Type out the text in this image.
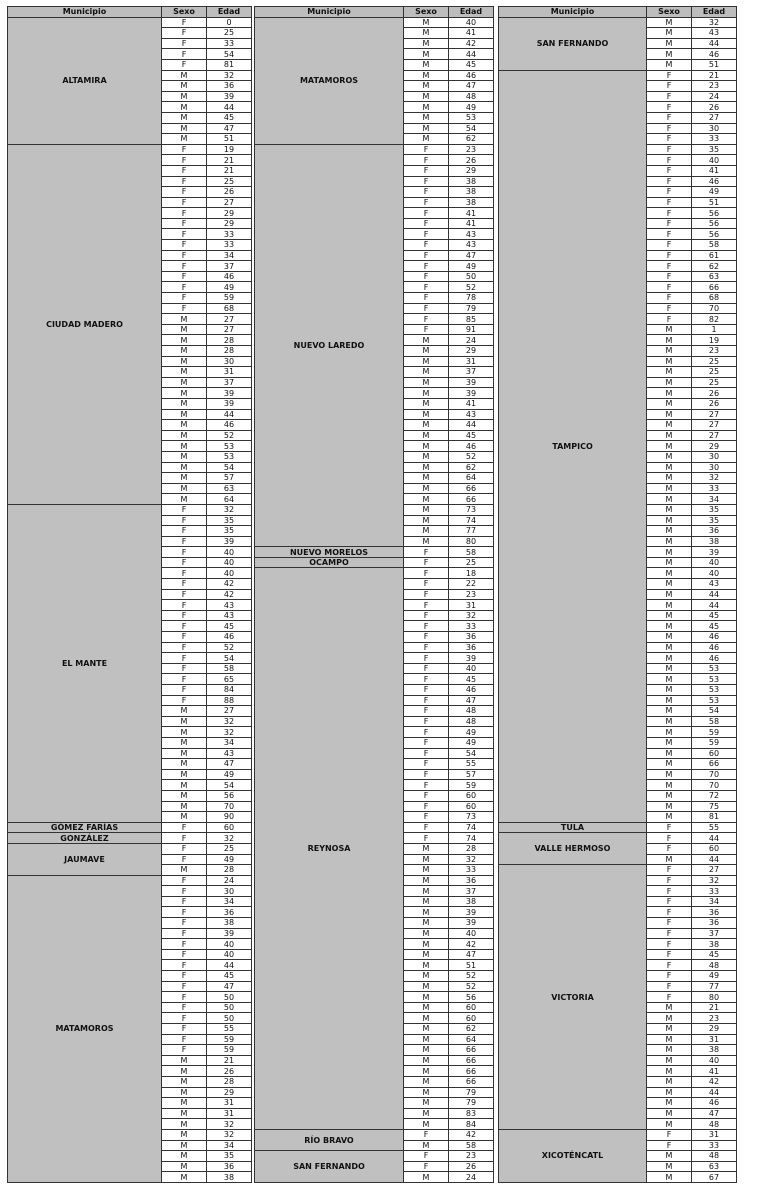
Municipio	Sexo	Edad
ALTAMIRA	F	0
	F	25
	F	33
	F	54
	F	81
	M	32
	M	36
	M	39
	M	44
	M	45
	M	47
	M	51
CIUDAD MADERO	F	19
	F	21
	F	21
	F	25
	F	26
	F	27
	F	29
	F	29
	F	33
	F	33
	F	34
	F	37
	F	46
	F	49
	F	59
	F	68
	M	27
	M	27
	M	28
	M	28
	M	30
	M	31
	M	37
	M	39
	M	39
	M	44
	M	46
	M	52
	M	53
	M	53
	M	54
	M	57
	M	63
	M	64
EL MANTE	F	32
	F	35
	F	35
	F	39
	F	40
	F	40
	F	40
	F	42
	F	42
	F	43
	F	43
	F	45
	F	46
	F	52
	F	54
	F	58
	F	65
	F	84
	F	88
	M	27
	M	32
	M	32
	M	34
	M	43
	M	47
	M	49
	M	54
	M	56
	M	70
	M	90
GÓMEZ FARÍAS	F	60
GONZÁLEZ	F	32
JAUMAVE	F	25
	F	49
	M	28
MATAMOROS	F	24
	F	30
	F	34
	F	36
	F	38
	F	39
	F	40
	F	40
	F	44
	F	45
	F	47
	F	50
	F	50
	F	50
	F	55
	F	59
	F	59
	M	21
	M	26
	M	28
	M	29
	M	31
	M	31
	M	32
	M	32
	M	34
	M	35
	M	36
	M	38
Municipio	Sexo	Edad
MATAMOROS	M	40
	M	41
	M	42
	M	44
	M	45
	M	46
	M	47
	M	48
	M	49
	M	53
	M	54
	M	62
NUEVO LAREDO	F	23
	F	26
	F	29
	F	38
	F	38
	F	38
	F	41
	F	41
	F	43
	F	43
	F	47
	F	49
	F	50
	F	52
	F	78
	F	79
	F	85
	F	91
	M	24
	M	29
	M	31
	M	37
	M	39
	M	39
	M	41
	M	43
	M	44
	M	45
	M	46
	M	52
	M	62
	M	64
	M	66
	M	66
	M	73
	M	74
	M	77
	M	80
NUEVO MORELOS	F	58
OCAMPO	F	25
REYNOSA	F	18
	F	22
	F	23
	F	31
	F	32
	F	33
	F	36
	F	36
	F	39
	F	40
	F	45
	F	46
	F	47
	F	48
	F	48
	F	49
	F	49
	F	54
	F	55
	F	57
	F	59
	F	60
	F	60
	F	73
	F	74
	F	74
	M	28
	M	32
	M	33
	M	36
	M	37
	M	38
	M	39
	M	39
	M	40
	M	42
	M	47
	M	51
	M	52
	M	52
	M	56
	M	60
	M	60
	M	62
	M	64
	M	66
	M	66
	M	66
	M	66
	M	79
	M	79
	M	83
	M	84
RÍO BRAVO	F	42
	M	58
SAN FERNANDO	F	23
	F	26
	M	24
Municipio	Sexo	Edad
SAN FERNANDO	M	32
	M	43
	M	44
	M	46
	M	51
TAMPICO	F	21
	F	23
	F	24
	F	26
	F	27
	F	30
	F	33
	F	35
	F	40
	F	41
	F	46
	F	49
	F	51
	F	56
	F	56
	F	56
	F	58
	F	61
	F	62
	F	63
	F	66
	F	68
	F	70
	F	82
	M	1
	M	19
	M	23
	M	25
	M	25
	M	25
	M	26
	M	26
	M	27
	M	27
	M	27
	M	29
	M	30
	M	30
	M	32
	M	33
	M	34
	M	35
	M	35
	M	36
	M	38
	M	39
	M	40
	M	40
	M	43
	M	44
	M	44
	M	45
	M	45
	M	46
	M	46
	M	46
	M	53
	M	53
	M	53
	M	53
	M	54
	M	58
	M	59
	M	59
	M	60
	M	66
	M	70
	M	70
	M	72
	M	75
	M	81
TULA	F	55
VALLE HERMOSO	F	44
	F	60
	M	44
VICTORIA	F	27
	F	32
	F	33
	F	34
	F	36
	F	36
	F	37
	F	38
	F	45
	F	48
	F	49
	F	77
	F	80
	M	21
	M	23
	M	29
	M	31
	M	38
	M	40
	M	41
	M	42
	M	44
	M	46
	M	47
	M	48
XICOTÉNCATL	F	31
	F	33
	M	48
	M	63
	M	67
